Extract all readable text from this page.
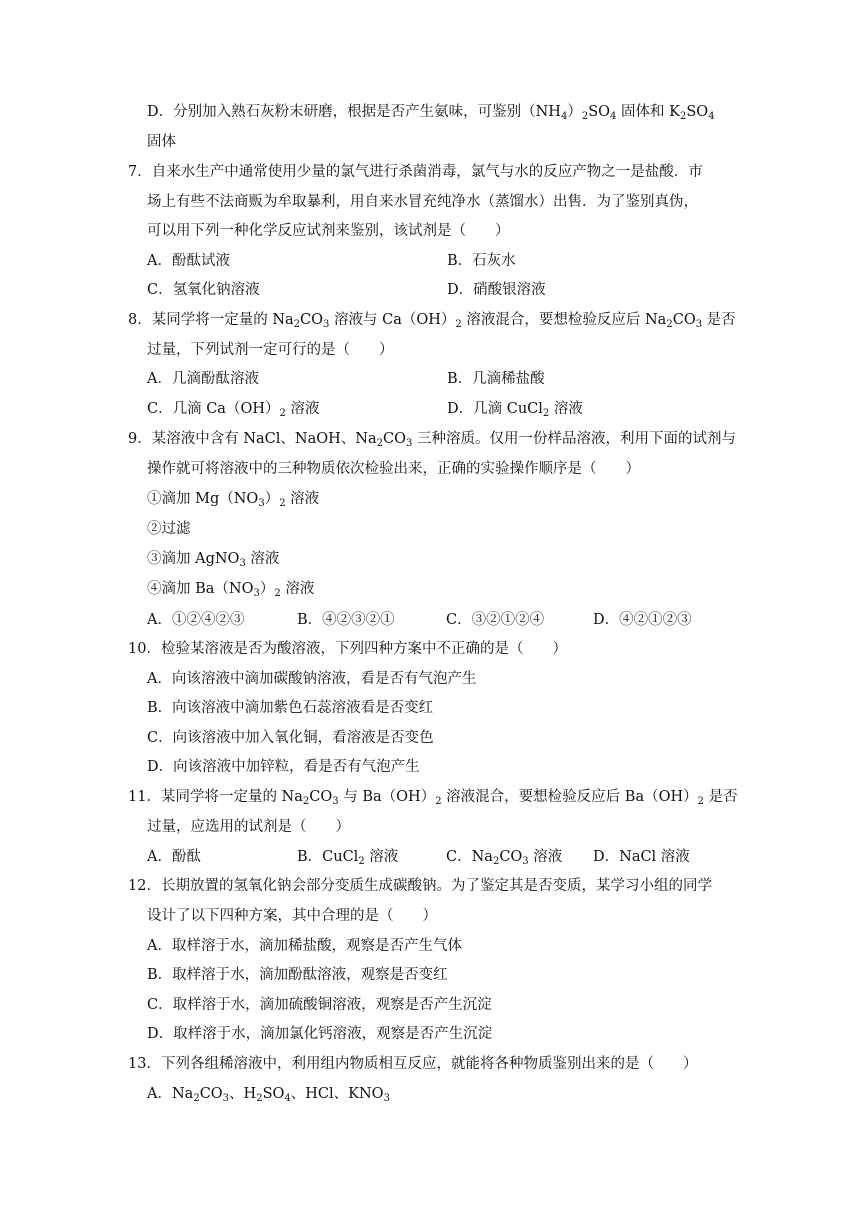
D．分别加入熟石灰粉末研磨，根据是否产生氨味，可鉴别$(NH_4)_2SO_4$ 固体和 $K_2SO_4$
固体
7．自来水生产中通常使用少量的氯气进行杀菌消毒，氯气与水的反应产物之一是盐酸．市
场上有些不法商贩为牟取暴利，用自来水冒充纯净水（蒸馏水）出售．为了鉴别真伪，
可以用下列一种化学反应试剂来鉴别，该试剂是（　　）
A．酚酞试液	B．石灰水
C．氢氧化钠溶液	D．硝酸银溶液
8．某同学将一定量的 $Na_2CO_3$ 溶液与 $Ca(OH)_2$ 溶液混合，要想检验反应后 $Na_2CO_3$ 是否
过量，下列试剂一定可行的是（　　）
A．几滴酚酞溶液	B．几滴稀盐酸
C．几滴 $Ca(OH)_2$ 溶液	D．几滴 CuCl$_2$ 溶液
9．某溶液中含有 NaCl、NaOH、$Na_2CO_3$ 三种溶质。仅用一份样品溶液，利用下面的试剂与
操作就可将溶液中的三种物质依次检验出来，正确的实验操作顺序是（　　）
①滴加 $Mg(NO_3)_2$ 溶液
②过滤
③滴加 AgNO$_3$ 溶液
④滴加 $Ba(NO_3)_2$ 溶液
A．①②④②③	B．④②③②①	C．③②①②④	D．④②①②③
10．检验某溶液是否为酸溶液，下列四种方案中不正确的是（　　）
A．向该溶液中滴加碳酸钠溶液，看是否有气泡产生
B．向该溶液中滴加紫色石蕊溶液看是否变红
C．向该溶液中加入氧化铜，看溶液是否变色
D．向该溶液中加锌粒，看是否有气泡产生
11．某同学将一定量的 $Na_2CO_3$ 与 $Ba(OH)_2$ 溶液混合，要想检验反应后 $Ba(OH)_2$ 是否
过量，应选用的试剂是（　　）
A．酚酞	B．CuCl$_2$ 溶液	C．$Na_2CO_3$ 溶液 D．NaCl 溶液
12．长期放置的氢氧化钠会部分变质生成碳酸钠。为了鉴定其是否变质，某学习小组的同学
设计了以下四种方案，其中合理的是（　　）
A．取样溶于水，滴加稀盐酸，观察是否产生气体
B．取样溶于水，滴加酚酞溶液，观察是否变红
C．取样溶于水，滴加硫酸铜溶液，观察是否产生沉淀
D．取样溶于水，滴加氯化钙溶液，观察是否产生沉淀
13．下列各组稀溶液中，利用组内物质相互反应，就能将各种物质鉴别出来的是（　　）
A．$Na_2CO_3$、$H_2SO_4$、HCl、$KNO_3$
